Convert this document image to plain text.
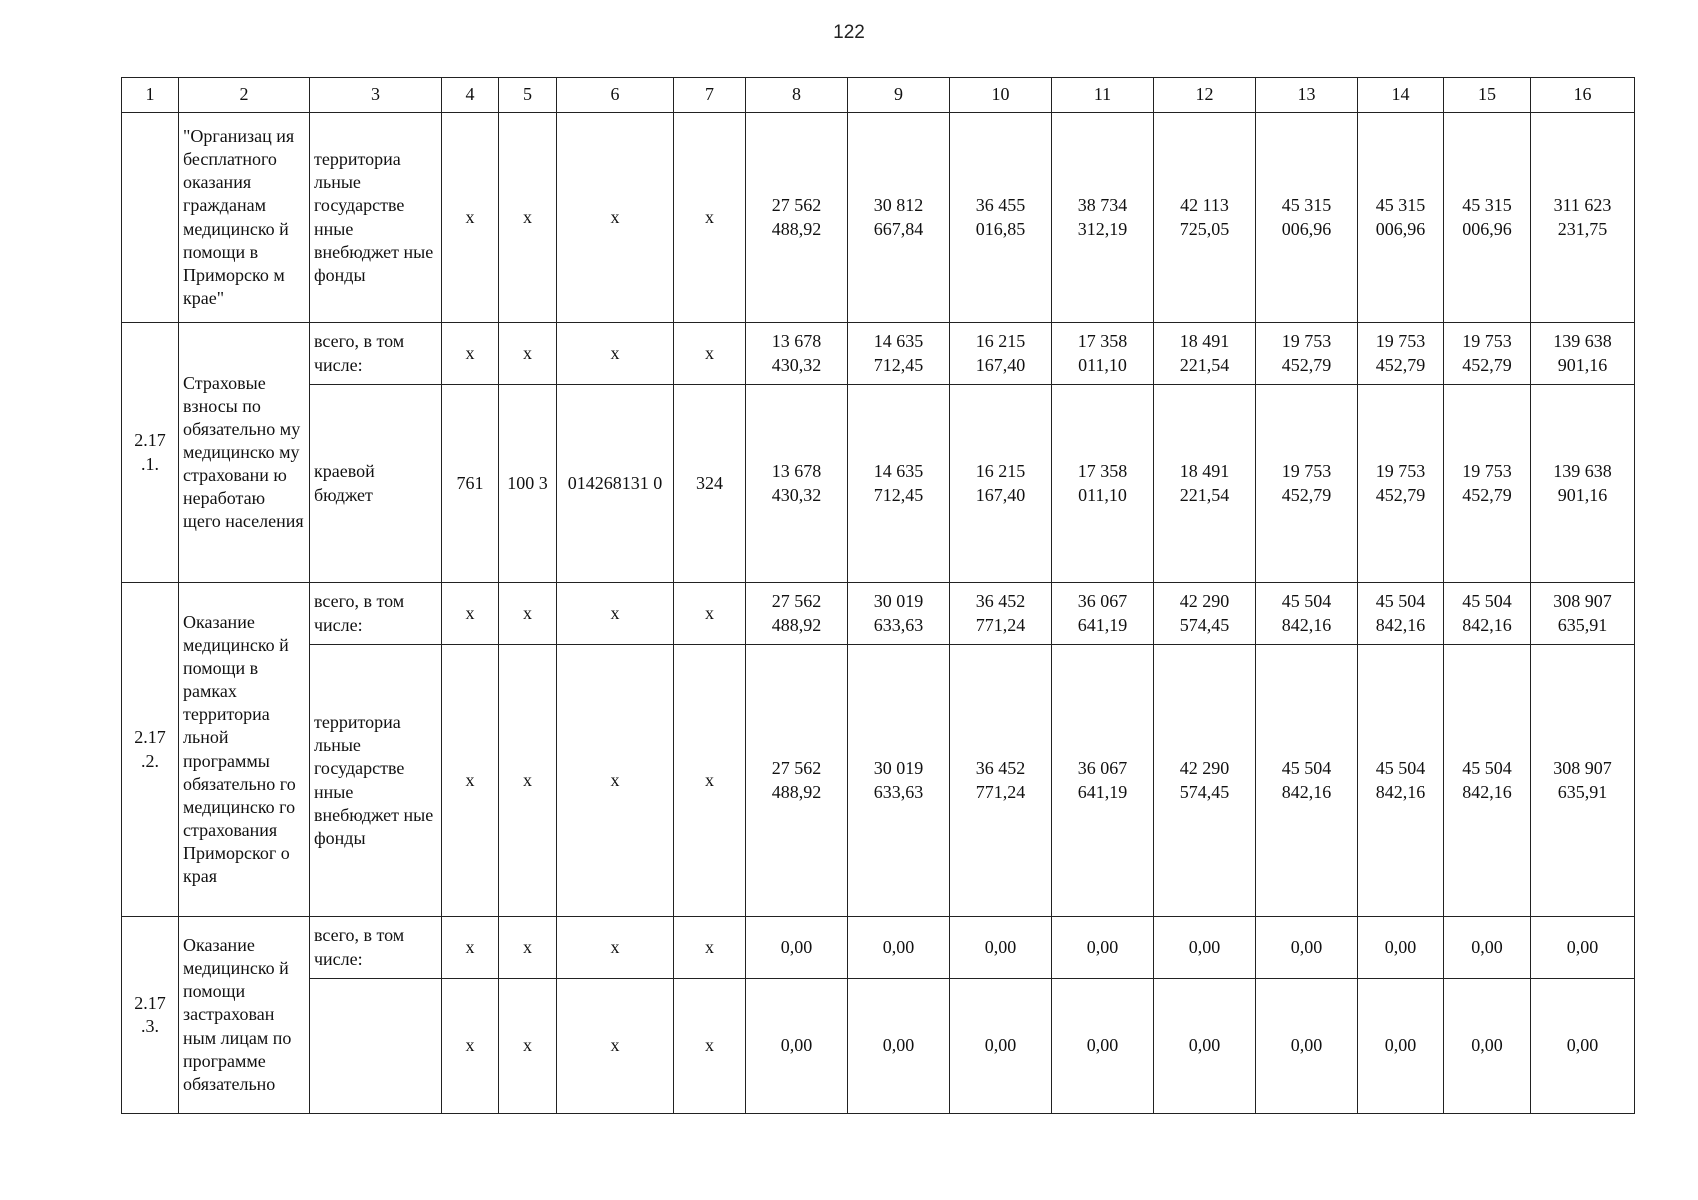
122
1	2	3	4	5	6	7	8	9	10	11	12	13	14	15	16
	"Организац ия бесплатного оказания гражданам медицинско й помощи в Приморско м крае"	территориа льные государстве нные внебюджет ные фонды	х	х	х	х	27 562 488,92	30 812 667,84	36 455 016,85	38 734 312,19	42 113 725,05	45 315 006,96	45 315 006,96	45 315 006,96	311 623 231,75
2.17 .1.	Страховые взносы по обязательно му медицинско му страховани ю неработаю щего населения	всего, в том числе:	х	х	х	х	13 678 430,32	14 635 712,45	16 215 167,40	17 358 011,10	18 491 221,54	19 753 452,79	19 753 452,79	19 753 452,79	139 638 901,16
		краевой бюджет	761	100 3	014268131 0	324	13 678 430,32	14 635 712,45	16 215 167,40	17 358 011,10	18 491 221,54	19 753 452,79	19 753 452,79	19 753 452,79	139 638 901,16
2.17 .2.	Оказание медицинско й помощи в рамках территориа льной программы обязательно го медицинско го страхования Приморског о края	всего, в том числе:	х	х	х	х	27 562 488,92	30 019 633,63	36 452 771,24	36 067 641,19	42 290 574,45	45 504 842,16	45 504 842,16	45 504 842,16	308 907 635,91
		территориа льные государстве нные внебюджет ные фонды	х	х	х	х	27 562 488,92	30 019 633,63	36 452 771,24	36 067 641,19	42 290 574,45	45 504 842,16	45 504 842,16	45 504 842,16	308 907 635,91
2.17 .3.	Оказание медицинско й помощи застрахован ным лицам по программе обязательно	всего, в том числе:	х	х	х	х	0,00	0,00	0,00	0,00	0,00	0,00	0,00	0,00	0,00
			х	х	х	х	0,00	0,00	0,00	0,00	0,00	0,00	0,00	0,00	0,00
